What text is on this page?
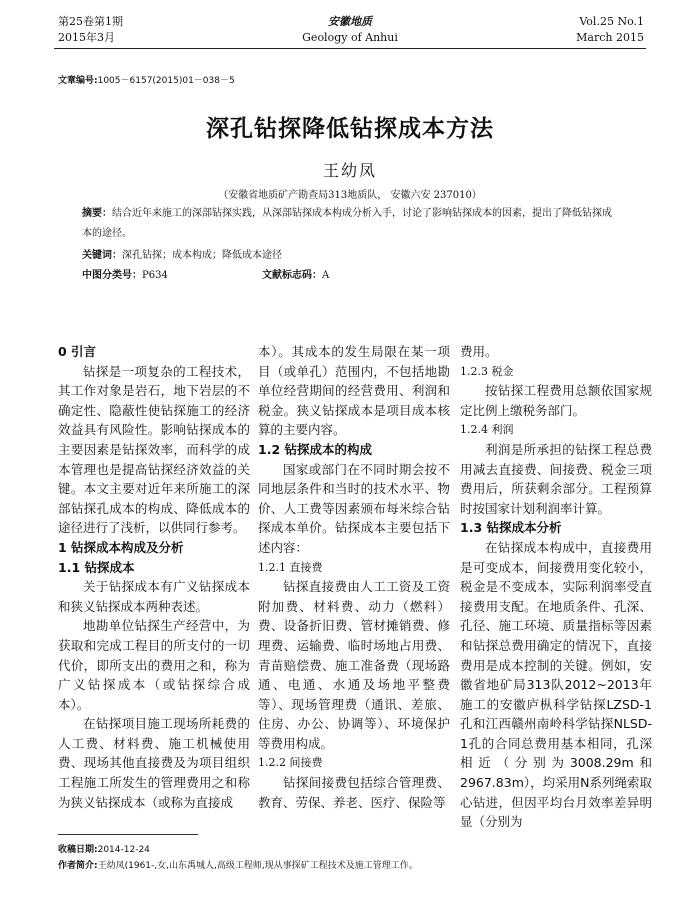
第25卷第1期
2015年3月
安徽地质
Geology of Anhui
Vol.25 No.1
March 2015
文章编号:1005－6157(2015)01－038－5
深孔钻探降低钻探成本方法
王幼凤
（安徽省地质矿产勘查局313地质队， 安徽六安 237010）
摘要：结合近年来施工的深部钻探实践，从深部钻探成本构成分析入手，讨论了影响钻探成本的因素，提出了降低钻探成本的途径。
关键词：深孔钻探；成本构成；降低成本途径
中图分类号：P634	文献标志码：A

0 引言

钻探是一项复杂的工程技术，其工作对象是岩石，地下岩层的不确定性、隐蔽性使钻探施工的经济效益具有风险性。影响钻探成本的主要因素是钻探效率，而科学的成本管理也是提高钻探经济效益的关键。本文主要对近年来所施工的深部钻探孔成本的构成、降低成本的途径进行了浅析，以供同行参考。

1 钻探成本构成及分析

1.1 钻探成本

关于钻探成本有广义钻探成本和狭义钻探成本两种表述。

地勘单位钻探生产经营中，为获取和完成工程目的所支付的一切代价，即所支出的费用之和，称为广义钻探成本（或钻探综合成本）。

在钻探项目施工现场所耗费的人工费、材料费、施工机械使用费、现场其他直接费及为项目组织工程施工所发生的管理费用之和称为狭义钻探成本（或称为直接成

本）。其成本的发生局限在某一项目（或单孔）范围内，不包括地勘单位经营期间的经营费用、利润和税金。狭义钻探成本是项目成本核算的主要内容。

1.2 钻探成本的构成

国家或部门在不同时期会按不同地层条件和当时的技术水平、物价、人工费等因素颁布每米综合钻探成本单价。钻探成本主要包括下述内容：

1.2.1 直接费

钻探直接费由人工工资及工资附加费、材料费、动力（燃料）费、设备折旧费、管材摊销费、修理费、运输费、临时场地占用费、青苗赔偿费、施工准备费（现场路通、电通、水通及场地平整费等）、现场管理费（通讯、差旅、住房、办公、协调等）、环境保护等费用构成。

1.2.2 间接费

钻探间接费包括综合管理费、教育、劳保、养老、医疗、保险等

费用。

1.2.3 税金

按钻探工程费用总额依国家规定比例上缴税务部门。

1.2.4 利润

利润是所承担的钻探工程总费用减去直接费、间接费、税金三项费用后，所获剩余部分。工程预算时按国家计划利润率计算。

1.3 钻探成本分析

在钻探成本构成中，直接费用是可变成本，间接费用变化较小，税金是不变成本，实际利润率受直接费用支配。在地质条件、孔深、孔径、施工环境、质量指标等因素和钻探总费用确定的情况下，直接费用是成本控制的关键。例如，安徽省地矿局313队2012~2013年施工的安徽庐枞科学钻探LZSD-1孔和江西赣州南岭科学钻探NLSD-1孔的合同总费用基本相同，孔深相近（分别为3008.29m和2967.83m），均采用N系列绳索取心钻进，但因平均台月效率差异明显（分别为

收稿日期:2014-12-24
作者简介:王幼凤(1961-,女,山东禹城人,高级工程师,现从事探矿工程技术及施工管理工作。
